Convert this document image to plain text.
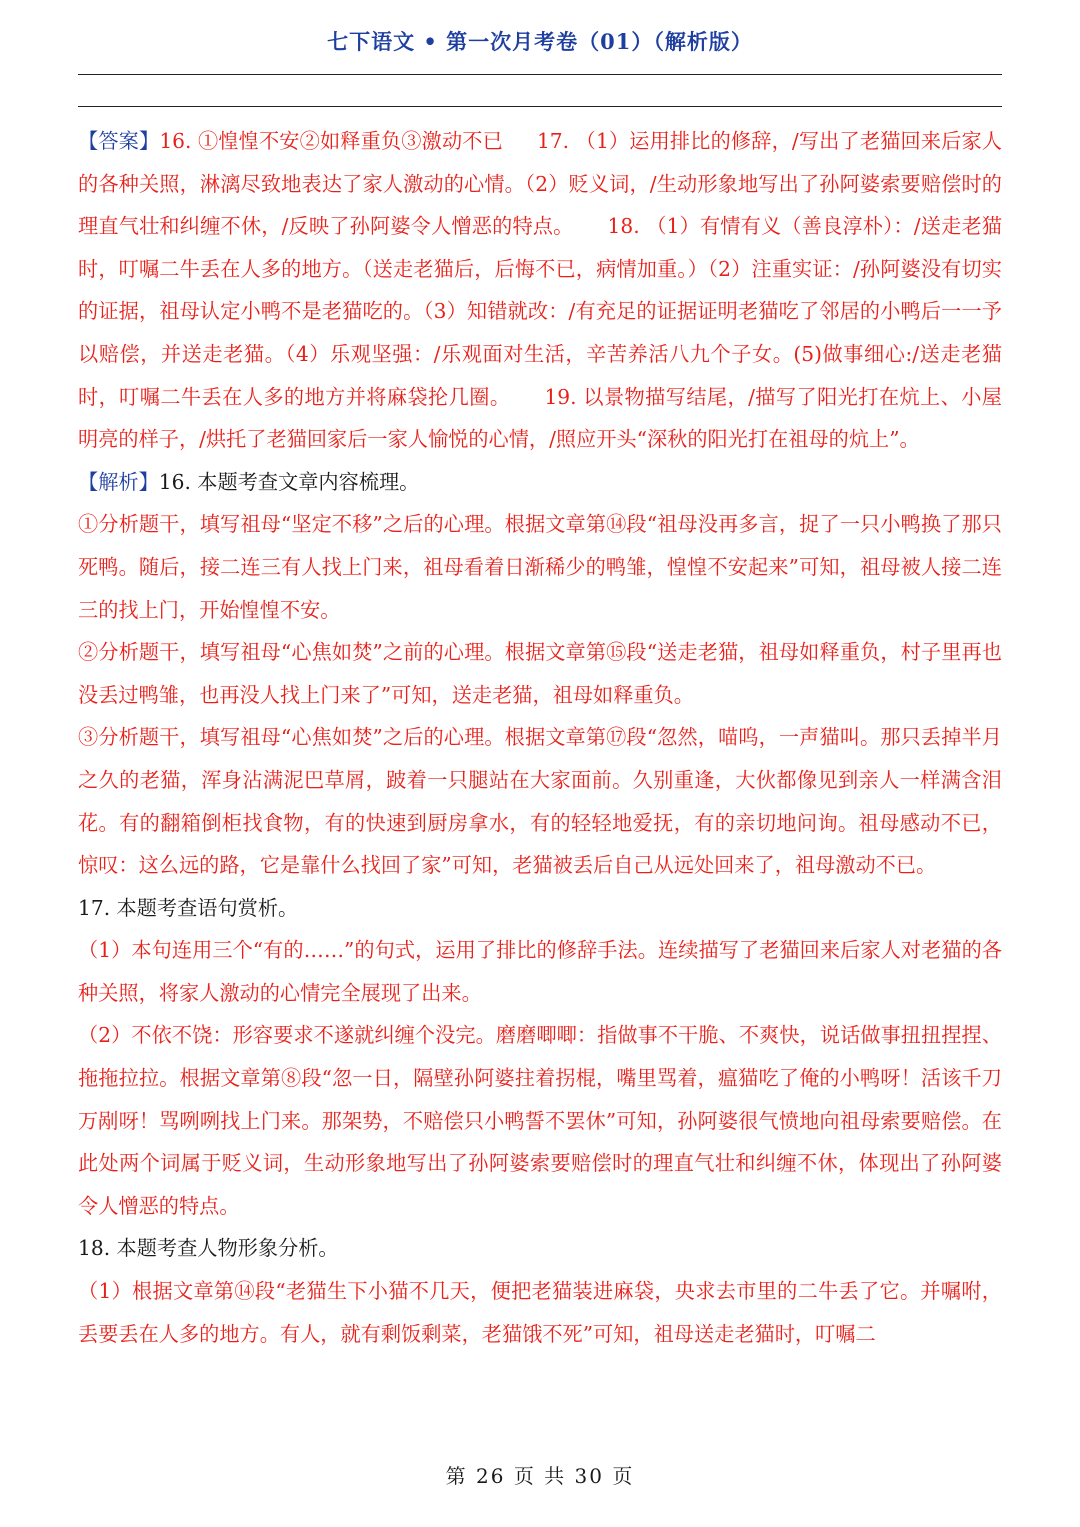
七下语文 • 第一次月考卷（01）（解析版）

【答案】16. ①惶惶不安②如释重负③激动不已 17. （1）运用排比的修辞，/写出了老猫回来后家人的各种关照，淋漓尽致地表达了家人激动的心情。（2）贬义词，/生动形象地写出了孙阿婆索要赔偿时的理直气壮和纠缠不休，/反映了孙阿婆令人憎恶的特点。 18. （1）有情有义（善良淳朴）：/送走老猫时，叮嘱二牛丢在人多的地方。（送走老猫后，后悔不已，病情加重。）（2）注重实证：/孙阿婆没有切实的证据，祖母认定小鸭不是老猫吃的。（3）知错就改：/有充足的证据证明老猫吃了邻居的小鸭后一一予以赔偿，并送走老猫。（4）乐观坚强：/乐观面对生活，辛苦养活八九个子女。(5)做事细心:/送走老猫时，叮嘱二牛丢在人多的地方并将麻袋抡几圈。 19. 以景物描写结尾，/描写了阳光打在炕上、小屋明亮的样子，/烘托了老猫回家后一家人愉悦的心情，/照应开头“深秋的阳光打在祖母的炕上”。

【解析】16. 本题考查文章内容梳理。

①分析题干，填写祖母“坚定不移”之后的心理。根据文章第⑭段“祖母没再多言，捉了一只小鸭换了那只死鸭。随后，接二连三有人找上门来，祖母看着日渐稀少的鸭雏，惶惶不安起来”可知，祖母被人接二连三的找上门，开始惶惶不安。

②分析题干，填写祖母“心焦如焚”之前的心理。根据文章第⑮段“送走老猫，祖母如释重负，村子里再也没丢过鸭雏，也再没人找上门来了”可知，送走老猫，祖母如释重负。

③分析题干，填写祖母“心焦如焚”之后的心理。根据文章第⑰段“忽然，喵呜，一声猫叫。那只丢掉半月之久的老猫，浑身沾满泥巴草屑，跛着一只腿站在大家面前。久别重逢，大伙都像见到亲人一样满含泪花。有的翻箱倒柜找食物，有的快速到厨房拿水，有的轻轻地爱抚，有的亲切地问询。祖母感动不已，惊叹：这么远的路，它是靠什么找回了家”可知，老猫被丢后自己从远处回来了，祖母激动不已。

17. 本题考查语句赏析。

（1）本句连用三个“有的……”的句式，运用了排比的修辞手法。连续描写了老猫回来后家人对老猫的各种关照，将家人激动的心情完全展现了出来。

（2）不依不饶：形容要求不遂就纠缠个没完。磨磨唧唧：指做事不干脆、不爽快，说话做事扭扭捏捏、拖拖拉拉。根据文章第⑧段“忽一日，隔壁孙阿婆拄着拐棍，嘴里骂着，瘟猫吃了俺的小鸭呀！活该千刀万剐呀！骂咧咧找上门来。那架势，不赔偿只小鸭誓不罢休”可知，孙阿婆很气愤地向祖母索要赔偿。在此处两个词属于贬义词，生动形象地写出了孙阿婆索要赔偿时的理直气壮和纠缠不休，体现出了孙阿婆令人憎恶的特点。

18. 本题考查人物形象分析。

（1）根据文章第⑭段“老猫生下小猫不几天，便把老猫装进麻袋，央求去市里的二牛丢了它。并嘱咐，丢要丢在人多的地方。有人，就有剩饭剩菜，老猫饿不死”可知，祖母送走老猫时，叮嘱二

第 26 页 共 30 页
